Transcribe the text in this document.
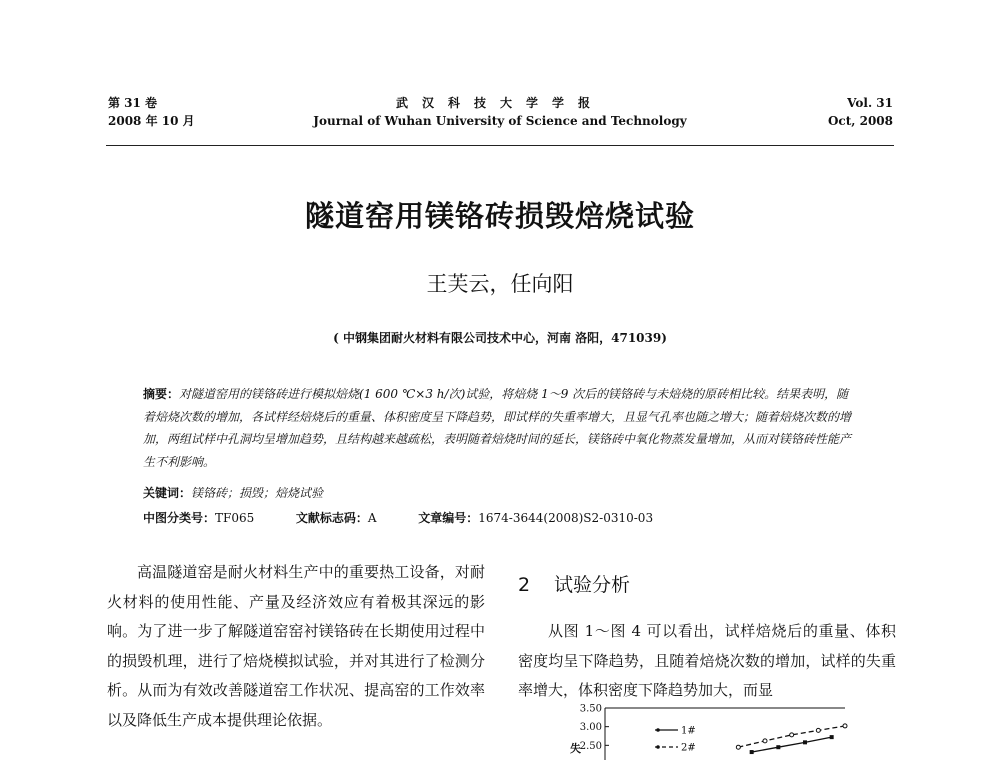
第 31 卷
2008 年 10 月
武汉科技大学学报
Journal of Wuhan University of Science and Technology
Vol. 31
Oct, 2008
隧道窑用镁铬砖损毁焙烧试验
王芙云，任向阳
( 中钢集团耐火材料有限公司技术中心，河南 洛阳，471039)
摘要：对隧道窑用的镁铬砖进行模拟焙烧(1 600 ℃×3 h/次)试验，将焙烧 1～9 次后的镁铬砖与未焙烧的原砖相比较。结果表明，随着焙烧次数的增加，各试样经焙烧后的重量、体积密度呈下降趋势，即试样的失重率增大，且显气孔率也随之增大；随着焙烧次数的增加，两组试样中孔洞均呈增加趋势，且结构越来越疏松，表明随着焙烧时间的延长，镁铬砖中氧化物蒸发量增加，从而对镁铬砖性能产生不利影响。
关键词：镁铬砖；损毁；焙烧试验
中图分类号：TF065	文献标志码：A	文章编号：1674-3644(2008)S2-0310-03
高温隧道窑是耐火材料生产中的重要热工设备，对耐火材料的使用性能、产量及经济效应有着极其深远的影响。为了进一步了解隧道窑窑衬镁铬砖在长期使用过程中的损毁机理，进行了焙烧模拟试验，并对其进行了检测分析。从而为有效改善隧道窑工作状况、提高窑的工作效率以及降低生产成本提供理论依据。
2 试验分析
从图 1～图 4 可以看出，试样焙烧后的重量、体积密度均呈下降趋势，且随着焙烧次数的增加，试样的失重率增大，体积密度下降趋势加大，而显
3.50
3.00
2.50
失
1#
2#
